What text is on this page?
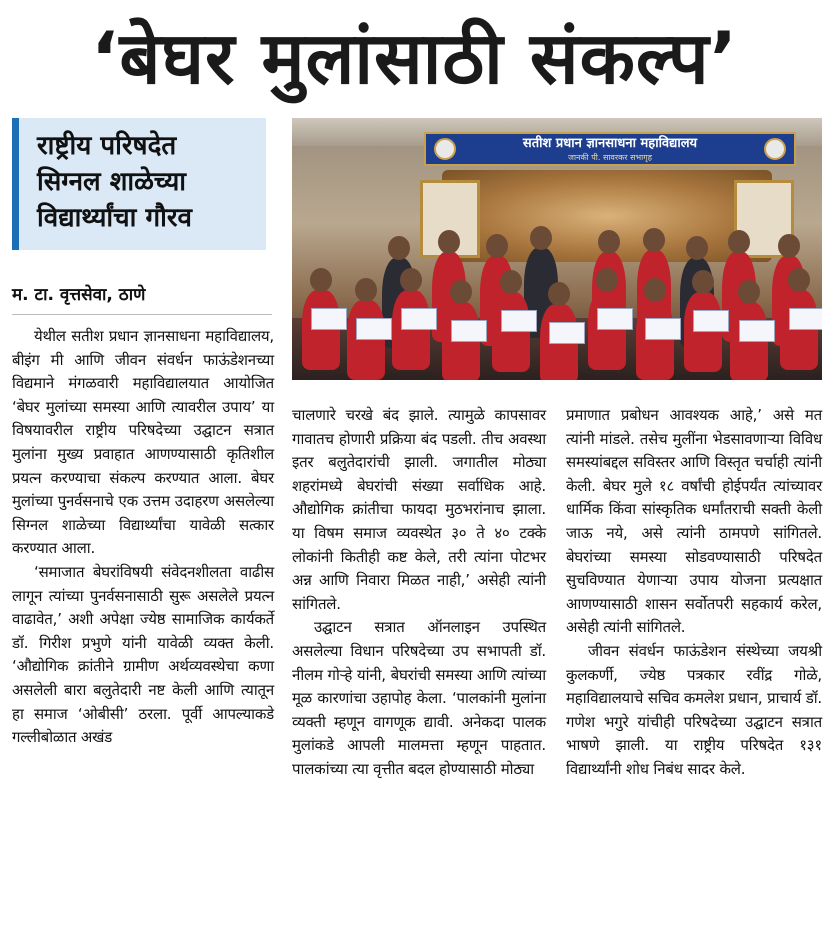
‘बेघर मुलांसाठी संकल्प’
राष्ट्रीय परिषदेत
सिग्नल शाळेच्या
विद्यार्थ्यांचा गौरव
म. टा. वृत्तसेवा, ठाणे
सतीश प्रधान ज्ञानसाधना महाविद्यालय
जानकी पी. सावरकर सभागृह

येथील सतीश प्रधान ज्ञानसाधना महाविद्यालय, बीइंग मी आणि जीवन संवर्धन फाऊंडेशनच्या विद्यमाने मंगळवारी महाविद्यालयात आयोजित ‘बेघर मुलांच्या समस्या आणि त्यावरील उपाय’ या विषयावरील राष्ट्रीय परिषदेच्या उद्घाटन सत्रात मुलांना मुख्य प्रवाहात आणण्यासाठी कृतिशील प्रयत्न करण्याचा संकल्प करण्यात आला. बेघर मुलांच्या पुनर्वसनाचे एक उत्तम उदाहरण असलेल्या सिग्नल शाळेच्या विद्यार्थ्यांचा यावेळी सत्कार करण्यात आला.

‘समाजात बेघरांविषयी संवेदनशीलता वाढीस लागून त्यांच्या पुनर्वसनासाठी सुरू असलेले प्रयत्न वाढावेत,’ अशी अपेक्षा ज्येष्ठ सामाजिक कार्यकर्ते डॉ. गिरीश प्रभुणे यांनी यावेळी व्यक्त केली. ‘औद्योगिक क्रांतीने ग्रामीण अर्थव्यवस्थेचा कणा असलेली बारा बलुतेदारी नष्ट केली आणि त्यातून हा समाज ‘ओबीसी’ ठरला. पूर्वी आपल्याकडे गल्लीबोळात अखंड

चालणारे चरखे बंद झाले. त्यामुळे कापसावर गावातच होणारी प्रक्रिया बंद पडली. तीच अवस्था इतर बलुतेदारांची झाली. जगातील मोठ्या शहरांमध्ये बेघरांची संख्या सर्वाधिक आहे. औद्योगिक क्रांतीचा फायदा मुठभरांनाच झाला. या विषम समाज व्यवस्थेत ३० ते ४० टक्के लोकांनी कितीही कष्ट केले, तरी त्यांना पोटभर अन्न आणि निवारा मिळत नाही,’ असेही त्यांनी सांगितले.

उद्घाटन सत्रात ऑनलाइन उपस्थित असलेल्या विधान परिषदेच्या उप सभापती डॉ. नीलम गोऱ्हे यांनी, बेघरांची समस्या आणि त्यांच्या मूळ कारणांचा उहापोह केला. ‘पालकांनी मुलांना व्यक्ती म्हणून वागणूक द्यावी. अनेकदा पालक मुलांकडे आपली मालमत्ता म्हणून पाहतात. पालकांच्या त्या वृत्तीत बदल होण्यासाठी मोठ्या

प्रमाणात प्रबोधन आवश्यक आहे,’ असे मत त्यांनी मांडले. तसेच मुलींना भेडसावणाऱ्या विविध समस्यांबद्दल सविस्तर आणि विस्तृत चर्चाही त्यांनी केली. बेघर मुले १८ वर्षांची होईपर्यंत त्यांच्यावर धार्मिक किंवा सांस्कृतिक धर्मांतराची सक्ती केली जाऊ नये, असे त्यांनी ठामपणे सांगितले. बेघरांच्या समस्या सोडवण्यासाठी परिषदेत सुचविण्यात येणाऱ्या उपाय योजना प्रत्यक्षात आणण्यासाठी शासन सर्वोतपरी सहकार्य करेल, असेही त्यांनी सांगितले.

जीवन संवर्धन फाऊंडेशन संस्थेच्या जयश्री कुलकर्णी, ज्येष्ठ पत्रकार रवींद्र गोळे, महाविद्यालयाचे सचिव कमलेश प्रधान, प्राचार्य डॉ. गणेश भगुरे यांचीही परिषदेच्या उद्घाटन सत्रात भाषणे झाली. या राष्ट्रीय परिषदेत १३१ विद्यार्थ्यांनी शोध निबंध सादर केले.
